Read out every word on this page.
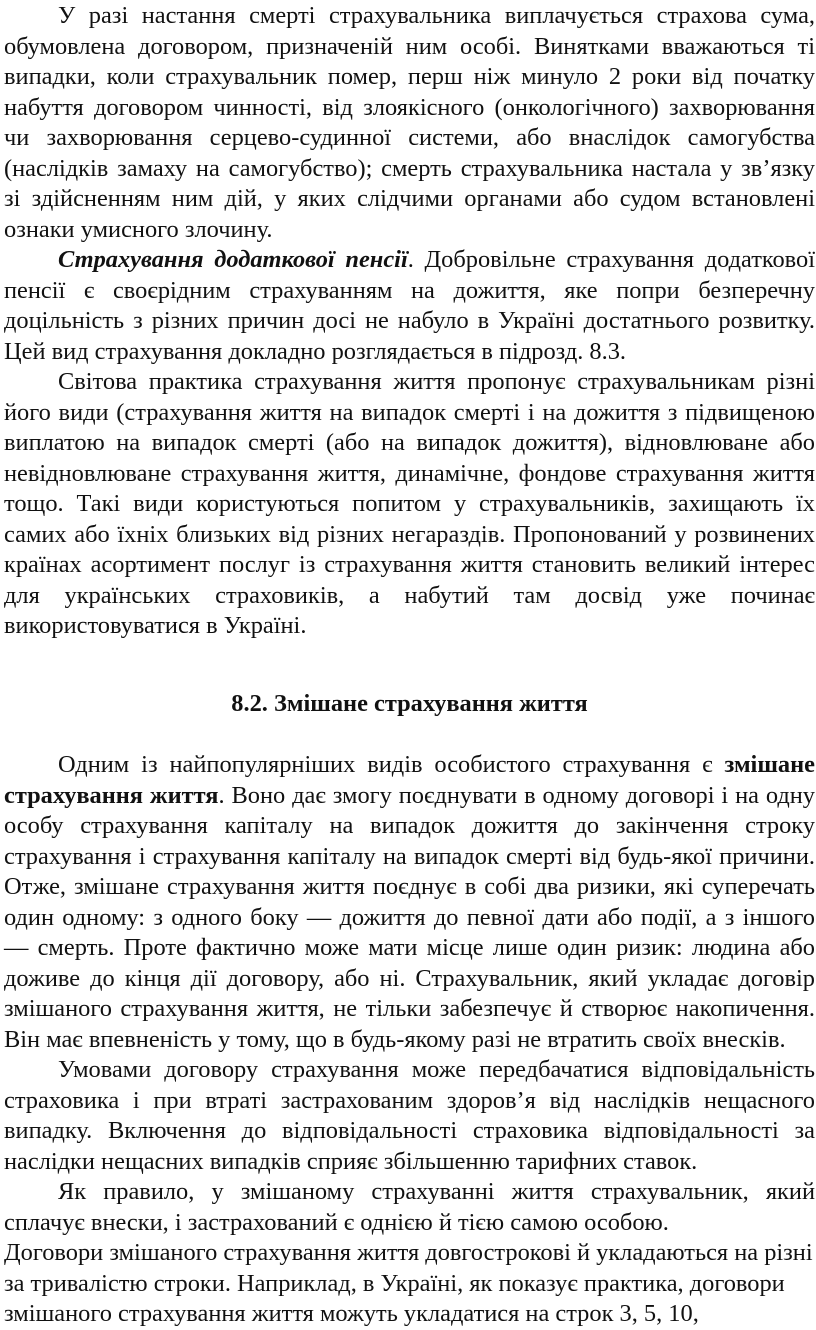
У разі настання смерті страхувальника виплачується страхова сума, обумовлена договором, призначеній ним особі. Винятками вважаються ті випадки, коли страхувальник помер, перш ніж минуло 2 роки від початку набуття договором чинності, від злоякісного (онкологічного) захворювання чи захворювання серцево-судинної системи, або внаслідок самогубства (наслідків замаху на самогубство); смерть страхувальника настала у зв’язку зі здійсненням ним дій, у яких слідчими органами або судом встановлені ознаки умисного злочину.

Страхування додаткової пенсії. Добровільне страхування додаткової пенсії є своєрідним страхуванням на дожиття, яке попри безперечну доцільність з різних причин досі не набуло в Україні достатнього розвитку. Цей вид страхування докладно розглядається в підрозд. 8.3.

Світова практика страхування життя пропонує страхувальникам різні його види (страхування життя на випадок смерті і на дожиття з підвищеною виплатою на випадок смерті (або на випадок дожиття), відновлюване або невідновлюване страхування життя, динамічне, фондове страхування життя тощо. Такі види користуються попитом у страхувальників, захищають їх самих або їхніх близьких від різних негараздів. Пропонований у розвинених країнах асортимент послуг із страхування життя становить великий інтерес для українських страховиків, а набутий там досвід уже починає використовуватися в Україні.

8.2. Змішане страхування життя

Одним із найпопулярніших видів особистого страхування є змішане страхування життя. Воно дає змогу поєднувати в одному договорі і на одну особу страхування капіталу на випадок дожиття до закінчення строку страхування і страхування капіталу на випадок смерті від будь-якої причини. Отже, змішане страхування життя поєднує в собі два ризики, які суперечать один одному: з одного боку — дожиття до певної дати або події, а з іншого — смерть. Проте фактично може мати місце лише один ризик: людина або доживе до кінця дії договору, або ні. Страхувальник, який укладає договір змішаного страхування життя, не тільки забезпечує й створює накопичення. Він має впевненість у тому, що в будь-якому разі не втратить своїх внесків.

Умовами договору страхування може передбачатися відповідальність страховика і при втраті застрахованим здоров’я від наслідків нещасного випадку. Включення до відповідальності страховика відповідальності за наслідки нещасних випадків сприяє збільшенню тарифних ставок.

Як правило, у змішаному страхуванні життя страхувальник, який сплачує внески, і застрахований є однією й тією самою особою.

Договори змішаного страхування життя довгострокові й укладаються на різні за тривалістю строки. Наприклад, в Україні, як показує практика, договори змішаного страхування життя можуть укладатися на строк 3, 5, 10,
